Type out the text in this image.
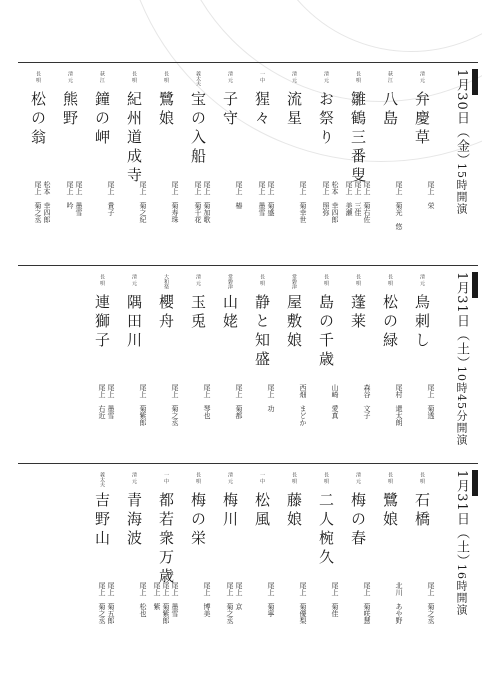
1月30日（金）
15時開演
清 元
弁慶草
尾上　栄
荻 江
八島
尾上　菊光　悠
長 唄
雛鶴三番叟
尾上　菊右佐
尾上　三佳
尾上　美瀬
清 元
お祭り
松本　幸四郎
尾上　照弥
清 元
流星
尾上　菊幸世
一 中
猩々
尾上　菊盛
尾上　墨雪
清 元
子守
尾上　椿
義太夫
宝の入船
尾上　菊加歌
尾上　菊千花
長 唄
鷺娘
尾上　菊寿珠
長 唄
紀州道成寺
尾上　菊之紀
荻 江
鐘の岬
尾上　貴子
清 元
熊野
尾上　墨雪
尾上　吟
長 唄
松の翁
松本　幸四郎
尾上　菊之丞
1月31日（土）
10時45分開演
清 元
鳥刺し
尾上　菊透
長 唄
松の緑
尾村　還太朗
長 唄
蓬莱
森谷　文子
長 唄
島の千歳
山崎　愛真
常磐津
屋敷娘
西畑　まどか
長 唄
静と知盛
尾上　功
常磐津
山姥
尾上　菊都
清 元
玉兎
尾上　琴也
大和楽
櫻舟
尾上　菊之丞
清 元
隅田川
尾上　菊紫郎
長 唄
連獅子
尾上　墨雪
尾上　右近
1月31日（土）
16時開演
長 唄
石橋
尾上　菊之丞
長 唄
鷺娘
北川　あや野
清 元
梅の春
尾上　菊咲慧
長 唄
二人椀久
尾上　菊佳
長 唄
藤娘
尾上　菊優梨
一 中
松風
尾上　菊寧
清 元
梅川
尾上　京
尾上　菊之丞
長 唄
梅の栄
尾上　博美
一 中
都若衆万歳
尾上　墨雪
尾上　菊紫郎
尾上　紫
清 元
青海波
尾上　松也
義太夫
吉野山
尾上　菊五郎
尾上　菊之丞
